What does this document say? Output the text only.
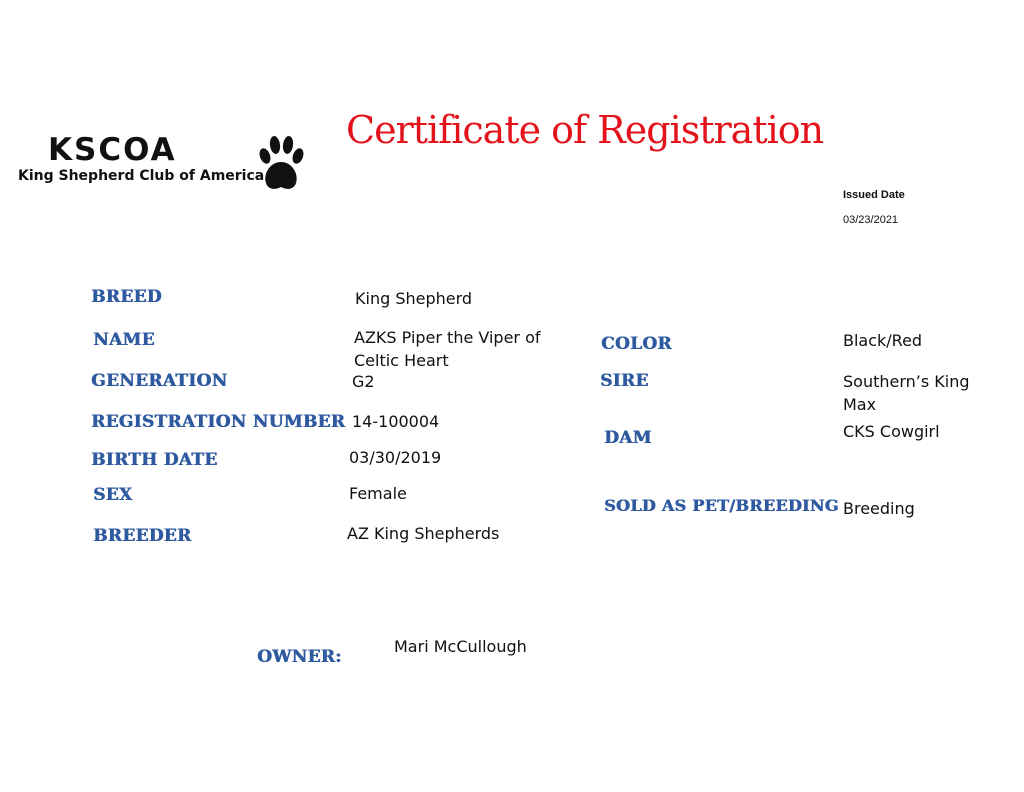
KSCOA
King Shepherd Club of America
Certificate of Registration
Issued Date
03/23/2021
BREED	King Shepherd
NAME	AZKS Piper the Viper of Celtic Heart
GENERATION	G2
REGISTRATION NUMBER 14-100004
BIRTH DATE	03/30/2019
SEX	Female
BREEDER	AZ King Shepherds
COLOR	Black/Red
SIRE	Southern’s King Max
DAM	CKS Cowgirl
SOLD AS PET/BREEDING Breeding
OWNER:
Mari McCullough
